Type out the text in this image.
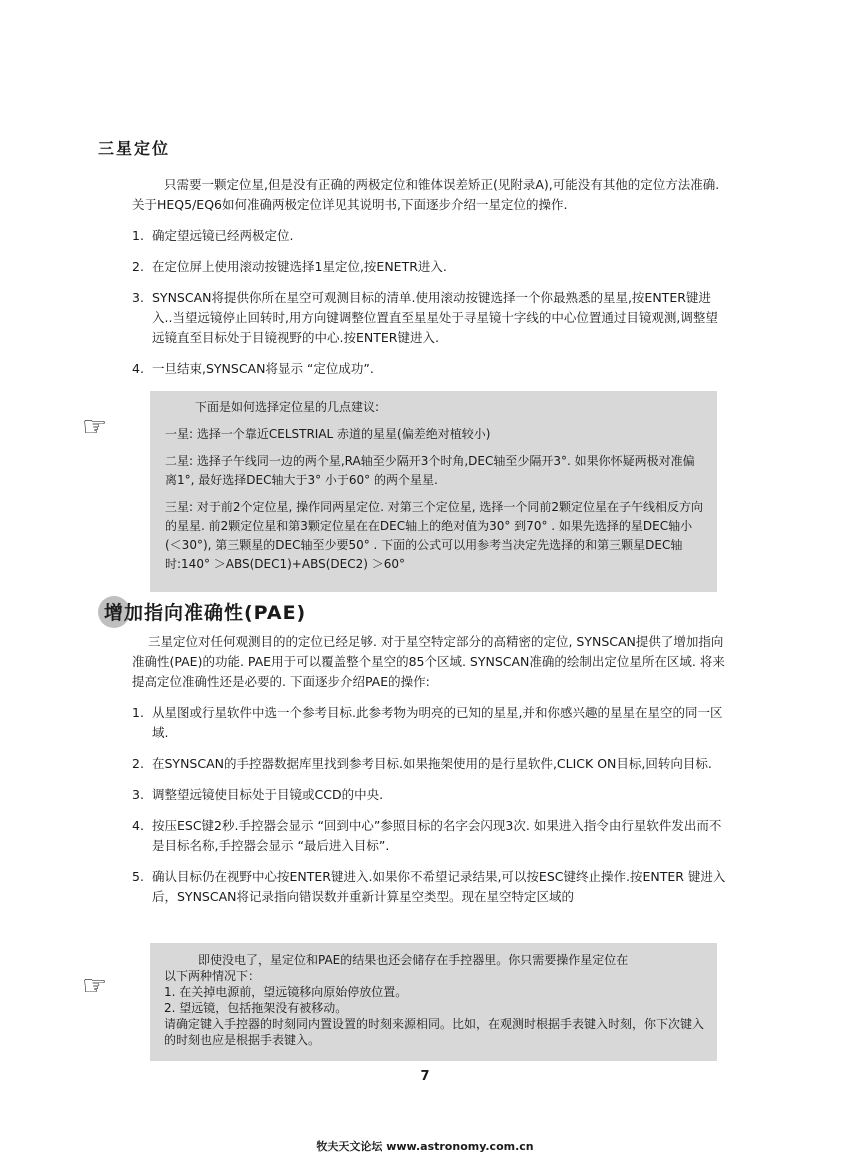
三星定位
只需要一颗定位星,但是没有正确的两极定位和锥体误差矫正(见附录A),可能没有其他的定位方法准确.关于HEQ5/EQ6如何准确两极定位详见其说明书,下面逐步介绍一星定位的操作.
1. 确定望远镜已经两极定位.
2. 在定位屏上使用滚动按键选择1星定位,按ENETR进入.
3. SYNSCAN将提供你所在星空可观测目标的清单.使用滚动按键选择一个你最熟悉的星星,按ENTER键进入..当望远镜停止回转时,用方向键调整位置直至星星处于寻星镜十字线的中心位置通过目镜观测,调整望远镜直至目标处于目镜视野的中心.按ENTER键进入.
4. 一旦结束,SYNSCAN将显示 “定位成功”.
☞
下面是如何选择定位星的几点建议:
一星: 选择一个靠近CELSTRIAL 赤道的星星(偏差绝对植较小)
二星: 选择子午线同一边的两个星,RA轴至少隔开3个时角,DEC轴至少隔开3°. 如果你怀疑两极对准偏离1°, 最好选择DEC轴大于3° 小于60° 的两个星星.
三星: 对于前2个定位星, 操作同两星定位. 对第三个定位星, 选择一个同前2颗定位星在子午线相反方向的星星. 前2颗定位星和第3颗定位星在在DEC轴上的绝对值为30° 到70° . 如果先选择的星DEC轴小(＜30°), 第三颗星的DEC轴至少要50° . 下面的公式可以用参考当决定先选择的和第三颗星DEC轴时:140° ＞ABS(DEC1)+ABS(DEC2) ＞60°
增加指向准确性(PAE)
三星定位对任何观测目的的定位已经足够. 对于星空特定部分的高精密的定位, SYNSCAN提供了增加指向准确性(PAE)的功能. PAE用于可以覆盖整个星空的85个区域. SYNSCAN准确的绘制出定位星所在区域. 将来提高定位准确性还是必要的. 下面逐步介绍PAE的操作:
1. 从星图或行星软件中选一个参考目标.此参考物为明亮的已知的星星,并和你感兴趣的星星在星空的同一区域.
2. 在SYNSCAN的手控器数据库里找到参考目标.如果拖架使用的是行星软件,CLICK ON目标,回转向目标.
3. 调整望远镜使目标处于目镜或CCD的中央.
4. 按压ESC键2秒.手控器会显示 “回到中心”参照目标的名字会闪现3次. 如果进入指令由行星软件发出而不是目标名称,手控器会显示 “最后进入目标”.
5. 确认目标仍在视野中心按ENTER键进入.如果你不希望记录结果,可以按ESC键终止操作.按ENTER 键进入后，SYNSCAN将记录指向错误数并重新计算星空类型。现在星空特定区域的
☞
即使没电了，星定位和PAE的结果也还会储存在手控器里。你只需要操作星定位在
以下两种情况下：
1. 在关掉电源前，望远镜移向原始停放位置。
2. 望远镜，包括拖架没有被移动。
请确定键入手控器的时刻同内置设置的时刻来源相同。比如，在观测时根据手表键入时刻，你下次键入的时刻也应是根据手表键入。
7
牧夫天文论坛 www.astronomy.com.cn
